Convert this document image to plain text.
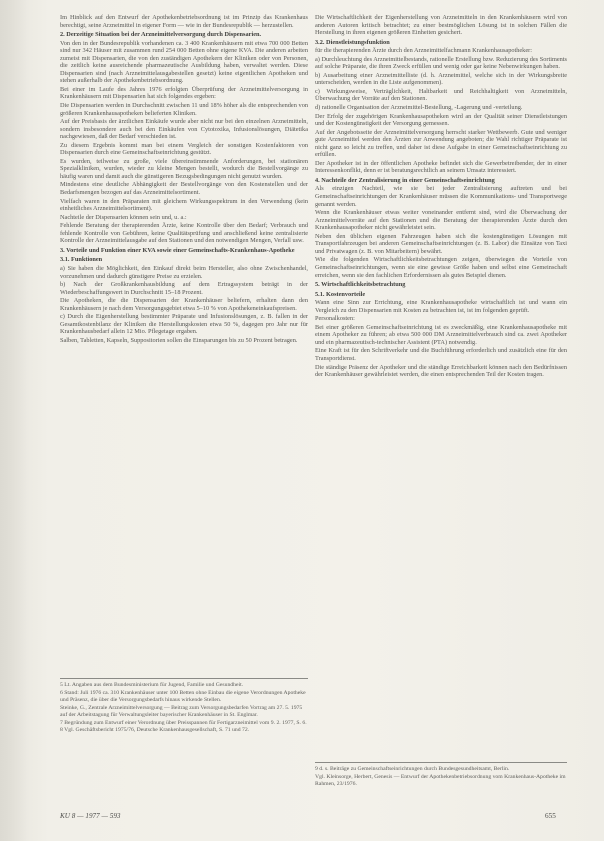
Im Hinblick auf den Entwurf der Apothekenbetriebsordnung ist im Prinzip das Krankenhaus berechtigt, seine Arzneimittel in eigener Form — wie in der Bundesrepublik — herzustellen.

2. Derzeitige Situation bei der Arzneimittelversorgung durch Dispensarien.

Von den in der Bundesrepublik vorhandenen ca. 3 400 Krankenhäusern mit etwa 700 000 Betten sind nur 342 Häuser mit zusammen rund 254 000 Betten ohne eigene KVA. Die anderen arbeiten zumeist mit Dispensarien, die von den zuständigen Apothekern der Kliniken oder von Personen, die zeitlich keine ausreichende pharmazeutische Ausbildung haben, verwaltet werden. Diese Dispensarien sind (nach Arzneimittelausgabestellen gesetzt) keine eigentlichen Apotheken und stehen außerhalb der Apothekenbetriebsordnung.

Bei einer im Laufe des Jahres 1976 erfolgten Überprüfung der Arzneimittelversorgung in Krankenhäusern mit Dispensarien hat sich folgendes ergeben:

Die Dispensarien werden in Durchschnitt zwischen 11 und 18% höher als die entsprechenden von größeren Krankenhausapotheken belieferten Kliniken.

Auf der Preisbasis der ärztlichen Einkäufe wurde aber nicht nur bei den einzelnen Arzneimitteln, sondern insbesondere auch bei den Einkäufen von Cytotoxika, Infusionslösungen, Diätetika nachgewiesen, daß der Bedarf verschieden ist.

Zu diesem Ergebnis kommt man bei einem Vergleich der sonstigen Kostenfaktoren von Dispensarien durch eine Gemeinschaftseinrichtung gestützt.

Es wurden, teilweise zu große, viele übereinstimmende Anforderungen, bei stationären Spezialkliniken, wurden, wieder zu kleine Mengen bestellt, wodurch die Bestellvorgänge zu häufig waren und damit auch die günstigeren Bezugsbedingungen nicht genutzt wurden.

Mindestens eine deutliche Abhängigkeit der Bestellvorgänge von den Kostenstellen und der Bedarfsmengen bezogen auf das Arzneimittelsortiment.

Vielfach waren in den Präparaten mit gleichem Wirkungsspektrum in den Verwendung (kein einheitliches Arzneimittelsortiment).

Nachteile der Dispensarien können sein und, u. a.:

Fehlende Beratung der therapierenden Ärzte, keine Kontrolle über den Bedarf; Verbrauch und fehlende Kontrolle von Gebühren, keine Qualitätsprüfung und anschließend keine zentralisierte Kontrolle der Arzneimittelausgabe auf den Stationen und den notwendigen Mengen, Verfall usw.

3. Vorteile und Funktion einer KVA sowie einer Gemeinschafts-Krankenhaus-Apotheke

3.1. Funktionen

a) Sie haben die Möglichkeit, den Einkauf direkt beim Hersteller, also ohne Zwischenhandel, vorzunehmen und dadurch günstigere Preise zu erzielen.

b) Nach der Großkrankenhausbildung auf dem Ertragssystem beträgt in der Wiederbeschaffungswert in Durchschnitt 15–18 Prozent.

Die Apotheken, die die Dispensarien der Krankenhäuser beliefern, erhalten dann den Krankenhäusern je nach dem Versorgungsgebiet etwa 5–10 % von Apothekeneinkaufspreisen.

c) Durch die Eigenherstellung bestimmter Präparate und Infusionslösungen, z. B. fallen in der Gesamtkostenbilanz der Kliniken die Herstellungskosten etwa 50 %, dagegen pro Jahr nur für Krankenhausbedarf allein 12 Mio. Pflegetage ergaben.

Salben, Tabletten, Kapseln, Suppositorien sollen die Einsparungen bis zu 50 Prozent betragen.

Die Wirtschaftlichkeit der Eigenherstellung von Arzneimitteln in den Krankenhäusern wird von anderen Autoren kritisch betrachtet; zu einer bestmöglichen Lösung ist in solchen Fällen die Herstellung in ihren eigenen größeren Einheiten gesichert.

3.2. Dienstleistungsfunktion

für die therapierenden Ärzte durch den Arzneimittelfachmann Krankenhausapotheker:

a) Durchleuchtung des Arzneimittelbestands, rationelle Erstellung bzw. Reduzierung des Sortiments auf solche Präparate, die ihren Zweck erfüllen und wenig oder gar keine Nebenwirkungen haben.

b) Ausarbeitung einer Arzneimittelliste (d. h. Arzneimittel, welche sich in der Wirkungsbreite unterscheiden, werden in die Liste aufgenommen).

c) Wirkungsweise, Verträglichkeit, Haltbarkeit und Reichhaltigkeit von Arzneimitteln, Überwachung der Vorräte auf den Stationen.

d) rationelle Organisation der Arzneimittel-Bestellung, -Lagerung und -verteilung.

Der Erfolg der zugehörigen Krankenhausapotheken wird an der Qualität seiner Dienstleistungen und der Kostengünstigkeit der Versorgung gemessen.

Auf der Angebotsseite der Arzneimittelversorgung herrscht starker Wettbewerb. Gute und weniger gute Arzneimittel werden den Ärzten zur Anwendung angeboten; die Wahl richtiger Präparate ist nicht ganz so leicht zu treffen, und daher ist diese Aufgabe in einer Gemeinschaftseinrichtung zu erfüllen.

Der Apotheker ist in der öffentlichen Apotheke befindet sich die Gewerbetreibender, der in einer Interessenkonflikt, denn er ist beratungsrechtlich an seinem Umsatz interessiert.

4. Nachteile der Zentralisierung in einer Gemeinschaftseinrichtung

Als einzigen Nachteil, wie sie bei jeder Zentralisierung auftreten und bei Gemeinschaftseinrichtungen der Krankenhäuser müssen die Kommunikations- und Transportwege genannt werden.

Wenn die Krankenhäuser etwas weiter voneinander entfernt sind, wird die Überwachung der Arzneimittelvorräte auf den Stationen und die Beratung der therapierenden Ärzte durch den Krankenhausapotheker nicht gewährleistet sein.

Neben den üblichen eigenen Fahrzeugen haben sich die kostengünstigen Lösungen mit Transportfahrzeugen bei anderen Gemeinschaftseinrichtungen (z. B. Labor) die Einsätze von Taxi und Privatwagen (z. B. von Mitarbeitern) bewährt.

Wie die folgenden Wirtschaftlichkeitsbetrachtungen zeigen, überwiegen die Vorteile von Gemeinschaftseinrichtungen, wenn sie eine gewisse Größe haben und selbst eine Gemeinschaft erreichen, wenn sie den fachlichen Erfordernissen als gutes Beispiel dienen.

5. Wirtschaftlichkeitsbetrachtung

5.1. Kostenvorteile

Wann eine Sinn zur Errichtung, eine Krankenhausapotheke wirtschaftlich ist und wann ein Vergleich zu den Dispensarien mit Kosten zu betrachten ist, ist im folgenden geprüft.

Personalkosten:

Bei einer größeren Gemeinschaftseinrichtung ist es zweckmäßig, eine Krankenhausapotheke mit einem Apotheker zu führen; ab etwa 500 000 DM Arzneimittelverbrauch sind ca. zwei Apotheker und ein pharmazeutisch-technischer Assistent (PTA) notwendig.

Eine Kraft ist für den Schriftverkehr und die Buchführung erforderlich und zusätzlich eine für den Transportdienst.

Die ständige Präsenz der Apotheker und die ständige Erreichbarkeit können nach den Bedürfnissen der Krankenhäuser gewährleistet werden, die einen entsprechenden Teil der Kosten tragen.

5 Lt. Angaben aus dem Bundesministerium für Jugend, Familie und Gesundheit.

6 Stand: Juli 1976 ca. 310 Krankenhäuser unter 100 Betten ohne Einbau die eigene Verordnungen Apotheke und Präsenz, die über die Versorgungsbedarfs hinaus wirkende Stellen.

Steinke, G., Zentrale Arzneimittelversorgung — Beitrag zum Versorgungsbedarfen Vortrag am 27. 5. 1975 auf der Arbeitstagung für Verwaltungsleiter bayerischer Krankenhäuser in St. Englmar.

7 Begründung zum Entwurf einer Verordnung über Preisspannen für Fertigarzneimittel vom 9. 2. 1977, S. 6.

8 Vgl. Geschäftsbericht 1975/76, Deutsche Krankenhausgesellschaft, S. 71 und 72.

9 d. s. Beiträge zu Gemeinschaftseinrichtungen durch Bundesgesundheitsamt, Berlin.

Vgl. Kleinsorge, Herbert, Genesis — Entwurf der Apothekenbetriebsordnung vom Krankenhaus-Apotheke im Rahmen, 23/1976.

KU 8 — 1977 — 593	655
